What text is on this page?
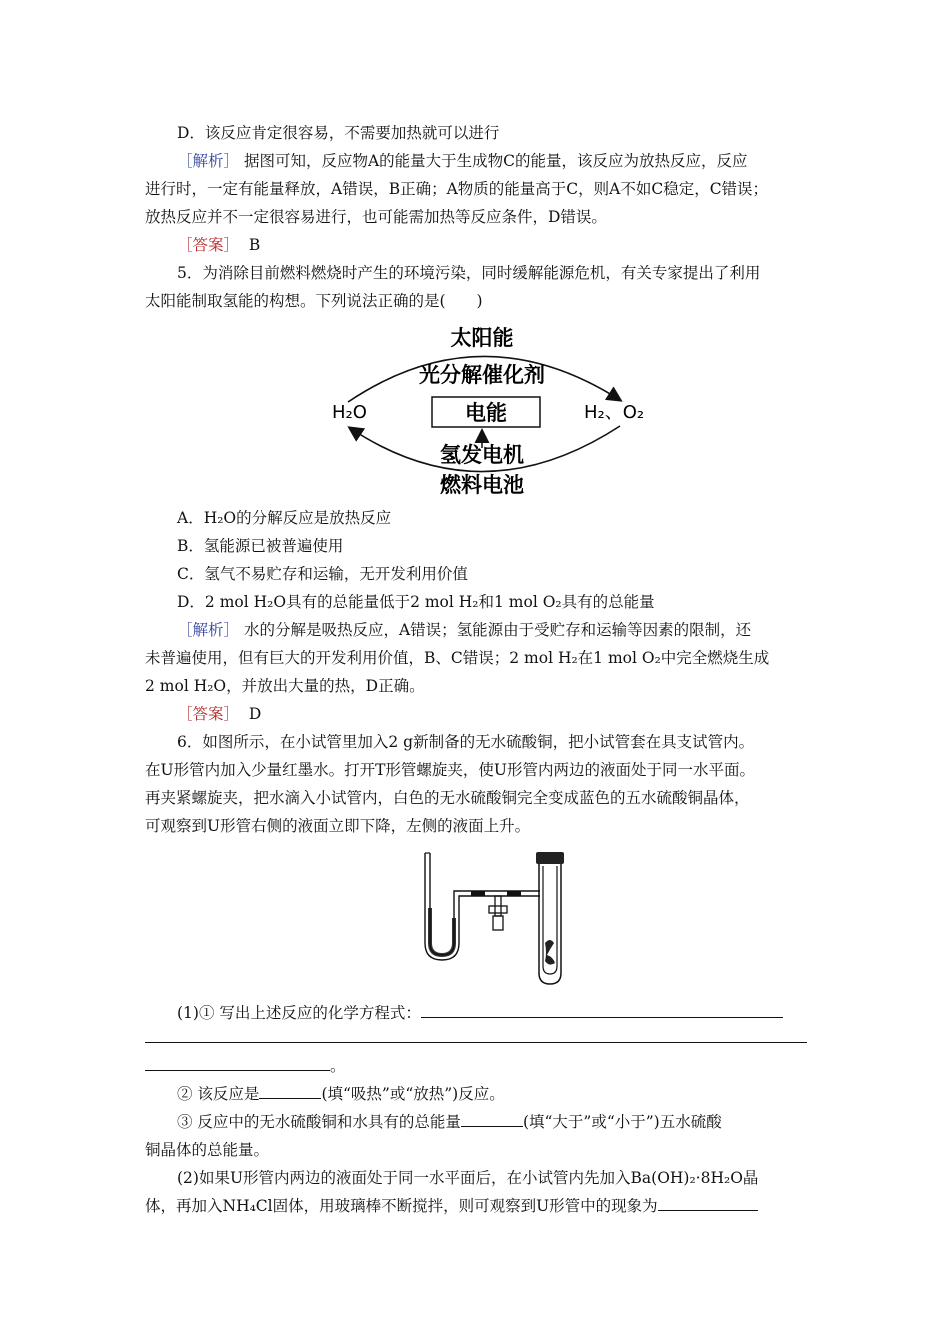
D．该反应肯定很容易，不需要加热就可以进行
［解析］ 据图可知，反应物A的能量大于生成物C的能量，该反应为放热反应，反应
进行时，一定有能量释放，A错误，B正确；A物质的能量高于C，则A不如C稳定，C错误；
放热反应并不一定很容易进行，也可能需加热等反应条件，D错误。
［答案］ B
5．为消除目前燃料燃烧时产生的环境污染，同时缓解能源危机，有关专家提出了利用
太阳能制取氢能的构想。下列说法正确的是(　　)
太阳能
光分解催化剂
H₂O	电能	H₂、O₂
氢发电机
燃料电池
A．H₂O的分解反应是放热反应
B．氢能源已被普遍使用
C．氢气不易贮存和运输，无开发利用价值
D．2 mol H₂O具有的总能量低于2 mol H₂和1 mol O₂具有的总能量
［解析］ 水的分解是吸热反应，A错误；氢能源由于受贮存和运输等因素的限制，还
未普遍使用，但有巨大的开发利用价值，B、C错误；2 mol H₂在1 mol O₂中完全燃烧生成
2 mol H₂O，并放出大量的热，D正确。
［答案］ D
6．如图所示，在小试管里加入2 g新制备的无水硫酸铜，把小试管套在具支试管内。
在U形管内加入少量红墨水。打开T形管螺旋夹，使U形管内两边的液面处于同一水平面。
再夹紧螺旋夹，把水滴入小试管内，白色的无水硫酸铜完全变成蓝色的五水硫酸铜晶体，
可观察到U形管右侧的液面立即下降，左侧的液面上升。
(1)① 写出上述反应的化学方程式：
。
② 该反应是	(填“吸热”或“放热”)反应。
③ 反应中的无水硫酸铜和水具有的总能量	(填“大于”或“小于”)五水硫酸
铜晶体的总能量。
(2)如果U形管内两边的液面处于同一水平面后，在小试管内先加入Ba(OH)₂·8H₂O晶
体，再加入NH₄Cl固体，用玻璃棒不断搅拌，则可观察到U形管中的现象为
